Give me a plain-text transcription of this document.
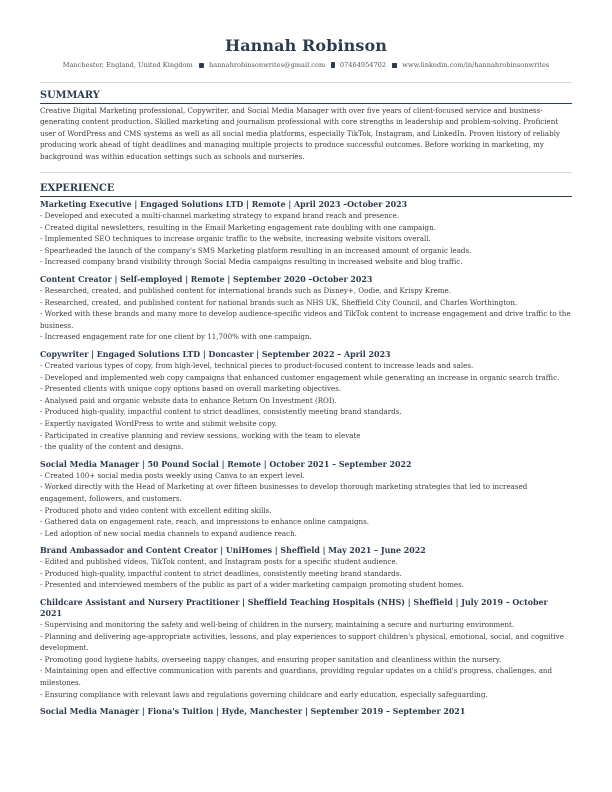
Hannah Robinson
Manchester, England, United Kingdom hannahrobinsonwrites@gmail.com 07464954702 www.linkedin.com/in/hannahrobinsonwrites
SUMMARY
Creative Digital Marketing professional, Copywriter, and Social Media Manager with over five years of client-focused service and business-generating content production. Skilled marketing and journalism professional with core strengths in leadership and problem-solving. Proficient user of WordPress and CMS systems as well as all social media platforms, especially TikTok, Instagram, and LinkedIn. Proven history of reliably producing work ahead of tight deadlines and managing multiple projects to produce successful outcomes. Before working in marketing, my background was within education settings such as schools and nurseries.
EXPERIENCE
Marketing Executive | Engaged Solutions LTD | Remote | April 2023 –October 2023
- Developed and executed a multi-channel marketing strategy to expand brand reach and presence.
- Created digital newsletters, resulting in the Email Marketing engagement rate doubling with one campaign.
- Implemented SEO techniques to increase organic traffic to the website, increasing website visitors overall.
- Spearheaded the launch of the company's SMS Marketing platform resulting in an increased amount of organic leads.
- Increased company brand visibility through Social Media campaigns resulting in increased website and blog traffic.
Content Creator | Self-employed | Remote | September 2020 –October 2023
- Researched, created, and published content for international brands such as Disney+, Oodie, and Krispy Kreme.
- Researched, created, and published content for national brands such as NHS UK, Sheffield City Council, and Charles Worthington.
- Worked with these brands and many more to develop audience-specific videos and TikTok content to increase engagement and drive traffic to the business.
- Increased engagement rate for one client by 11,700% with one campaign.
Copywriter | Engaged Solutions LTD | Doncaster | September 2022 – April 2023
- Created various types of copy, from high-level, technical pieces to product-focused content to increase leads and sales.
- Developed and implemented web copy campaigns that enhanced customer engagement while generating an increase in organic search traffic.
- Presented clients with unique copy options based on overall marketing objectives.
- Analysed paid and organic website data to enhance Return On Investment (ROI).
- Produced high-quality, impactful content to strict deadlines, consistently meeting brand standards.
- Expertly navigated WordPress to write and submit website copy.
- Participated in creative planning and review sessions, working with the team to elevate
- the quality of the content and designs.
Social Media Manager | 50 Pound Social | Remote | October 2021 – September 2022
- Created 100+ social media posts weekly using Canva to an expert level.
- Worked directly with the Head of Marketing at over fifteen businesses to develop thorough marketing strategies that led to increased engagement, followers, and customers.
- Produced photo and video content with excellent editing skills.
- Gathered data on engagement rate, reach, and impressions to enhance online campaigns.
- Led adoption of new social media channels to expand audience reach.
Brand Ambassador and Content Creator | UniHomes | Sheffield | May 2021 – June 2022
- Edited and published videos, TikTok content, and Instagram posts for a specific student audience.
- Produced high-quality, impactful content to strict deadlines, consistently meeting brand standards.
- Presented and interviewed members of the public as part of a wider marketing campaign promoting student homes.
Childcare Assistant and Nursery Practitioner | Sheffield Teaching Hospitals (NHS) | Sheffield | July 2019 – October 2021
- Supervising and monitoring the safety and well-being of children in the nursery, maintaining a secure and nurturing environment.
- Planning and delivering age-appropriate activities, lessons, and play experiences to support children's physical, emotional, social, and cognitive development.
- Promoting good hygiene habits, overseeing nappy changes, and ensuring proper sanitation and cleanliness within the nursery.
- Maintaining open and effective communication with parents and guardians, providing regular updates on a child's progress, challenges, and milestones.
- Ensuring compliance with relevant laws and regulations governing childcare and early education, especially safeguarding.
Social Media Manager | Fiona's Tuition | Hyde, Manchester | September 2019 – September 2021
